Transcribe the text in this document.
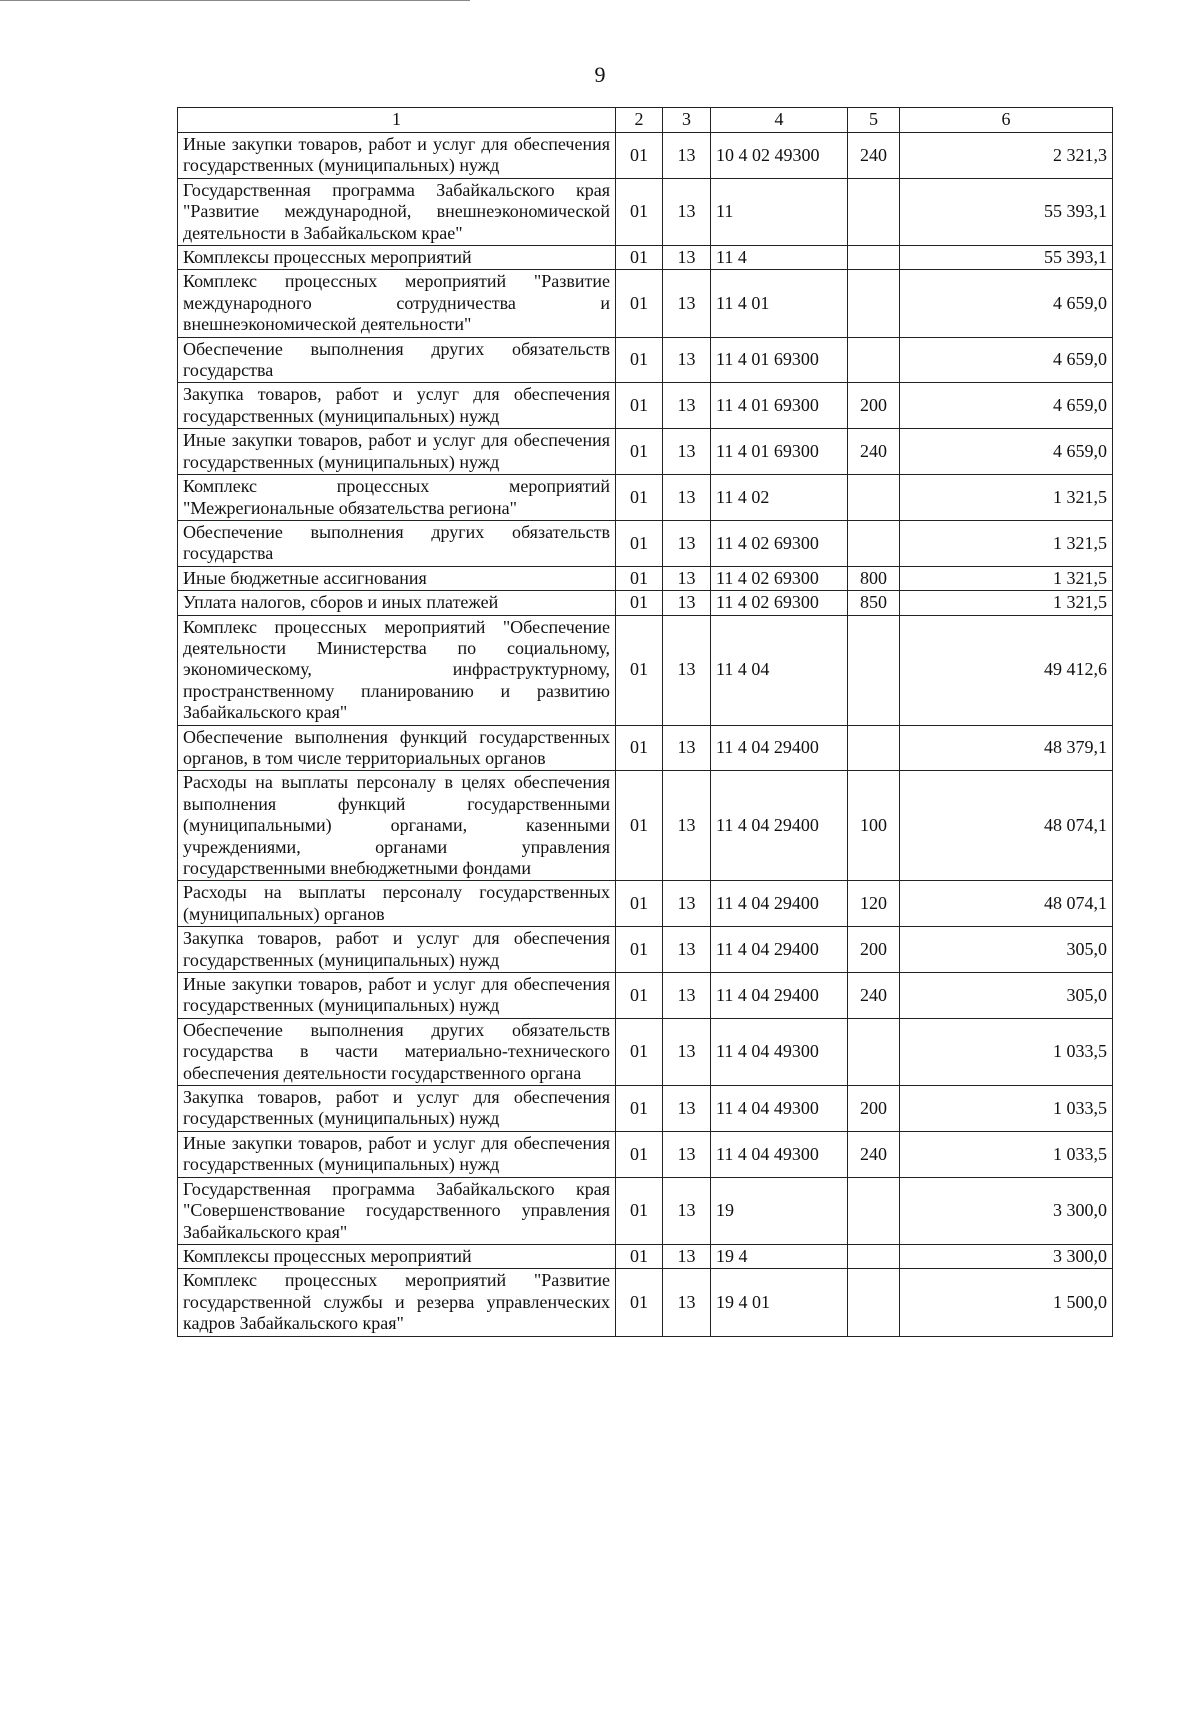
9
1	2	3	4	5	6
Иные закупки товаров, работ и услуг для обеспечения государственных (муниципальных) нужд	01	13	10 4 02 49300	240	2 321,3
Государственная программа Забайкальского края "Развитие международной, внешнеэкономической деятельности в Забайкальском крае"	01	13	11		55 393,1
Комплексы процессных мероприятий	01	13	11 4		55 393,1
Комплекс процессных мероприятий "Развитие международного сотрудничества и внешнеэкономической деятельности"	01	13	11 4 01		4 659,0
Обеспечение выполнения других обязательств государства	01	13	11 4 01 69300		4 659,0
Закупка товаров, работ и услуг для обеспечения государственных (муниципальных) нужд	01	13	11 4 01 69300	200	4 659,0
Иные закупки товаров, работ и услуг для обеспечения государственных (муниципальных) нужд	01	13	11 4 01 69300	240	4 659,0
Комплекс процессных мероприятий "Межрегиональные обязательства региона"	01	13	11 4 02		1 321,5
Обеспечение выполнения других обязательств государства	01	13	11 4 02 69300		1 321,5
Иные бюджетные ассигнования	01	13	11 4 02 69300	800	1 321,5
Уплата налогов, сборов и иных платежей	01	13	11 4 02 69300	850	1 321,5
Комплекс процессных мероприятий "Обеспечение деятельности Министерства по социальному, экономическому, инфраструктурному, пространственному планированию и развитию Забайкальского края"	01	13	11 4 04		49 412,6
Обеспечение выполнения функций государственных органов, в том числе территориальных органов	01	13	11 4 04 29400		48 379,1
Расходы на выплаты персоналу в целях обеспечения выполнения функций государственными (муниципальными) органами, казенными учреждениями, органами управления государственными внебюджетными фондами	01	13	11 4 04 29400	100	48 074,1
Расходы на выплаты персоналу государственных (муниципальных) органов	01	13	11 4 04 29400	120	48 074,1
Закупка товаров, работ и услуг для обеспечения государственных (муниципальных) нужд	01	13	11 4 04 29400	200	305,0
Иные закупки товаров, работ и услуг для обеспечения государственных (муниципальных) нужд	01	13	11 4 04 29400	240	305,0
Обеспечение выполнения других обязательств государства в части материально-технического обеспечения деятельности государственного органа	01	13	11 4 04 49300		1 033,5
Закупка товаров, работ и услуг для обеспечения государственных (муниципальных) нужд	01	13	11 4 04 49300	200	1 033,5
Иные закупки товаров, работ и услуг для обеспечения государственных (муниципальных) нужд	01	13	11 4 04 49300	240	1 033,5
Государственная программа Забайкальского края "Совершенствование государственного управления Забайкальского края"	01	13	19		3 300,0
Комплексы процессных мероприятий	01	13	19 4		3 300,0
Комплекс процессных мероприятий "Развитие государственной службы и резерва управленческих кадров Забайкальского края"	01	13	19 4 01		1 500,0
